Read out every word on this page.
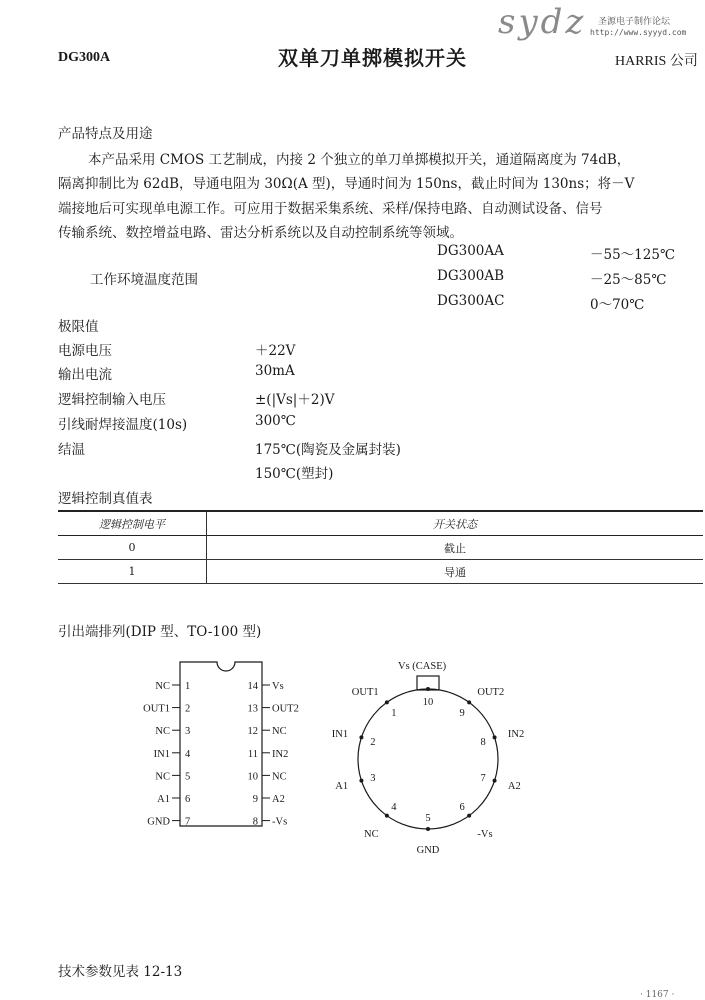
DG300A	双单刀单掷模拟开关	HARRIS 公司
sydz 圣源电子制作论坛
http://www.syyyd.com
产品特点及用途

本产品采用 CMOS 工艺制成，内接 2 个独立的单刀单掷模拟开关，通道隔离度为 74dB，

隔离抑制比为 62dB，导通电阻为 30Ω(A 型)，导通时间为 150ns，截止时间为 130ns；将－V

端接地后可实现单电源工作。可应用于数据采集系统、采样/保持电路、自动测试设备、信号

传输系统、数控增益电路、雷达分析系统以及自动控制系统等领域。

工作环境温度范围
DG300AA	－55～125℃
DG300AB	－25～85℃
DG300AC	0～70℃
极限值
电源电压	＋22V
输出电流	30mA
逻辑控制输入电压	±(|Vs|＋2)V
引线耐焊接温度(10s)	300℃
结温	175℃(陶瓷及金属封装)
150℃(塑封)
逻辑控制真值表
逻辑控制电平	开关状态
0	截止
1	导通
引出端排列(DIP 型、TO-100 型)
NC 1
OUT1 2
NC 3
IN1 4
NC 5
A1 6
GND 7
Vs
14
OUT2
13
NC
12
IN2
11
NC
10
A2
9
-Vs
8
Vs (CASE)
10
9
OUT2
8
IN2
7
A2
6
-Vs
5
GND
4
NC
3
A1
2
IN1
1
OUT1
技术参数见表 12-13
· 1167 ·
